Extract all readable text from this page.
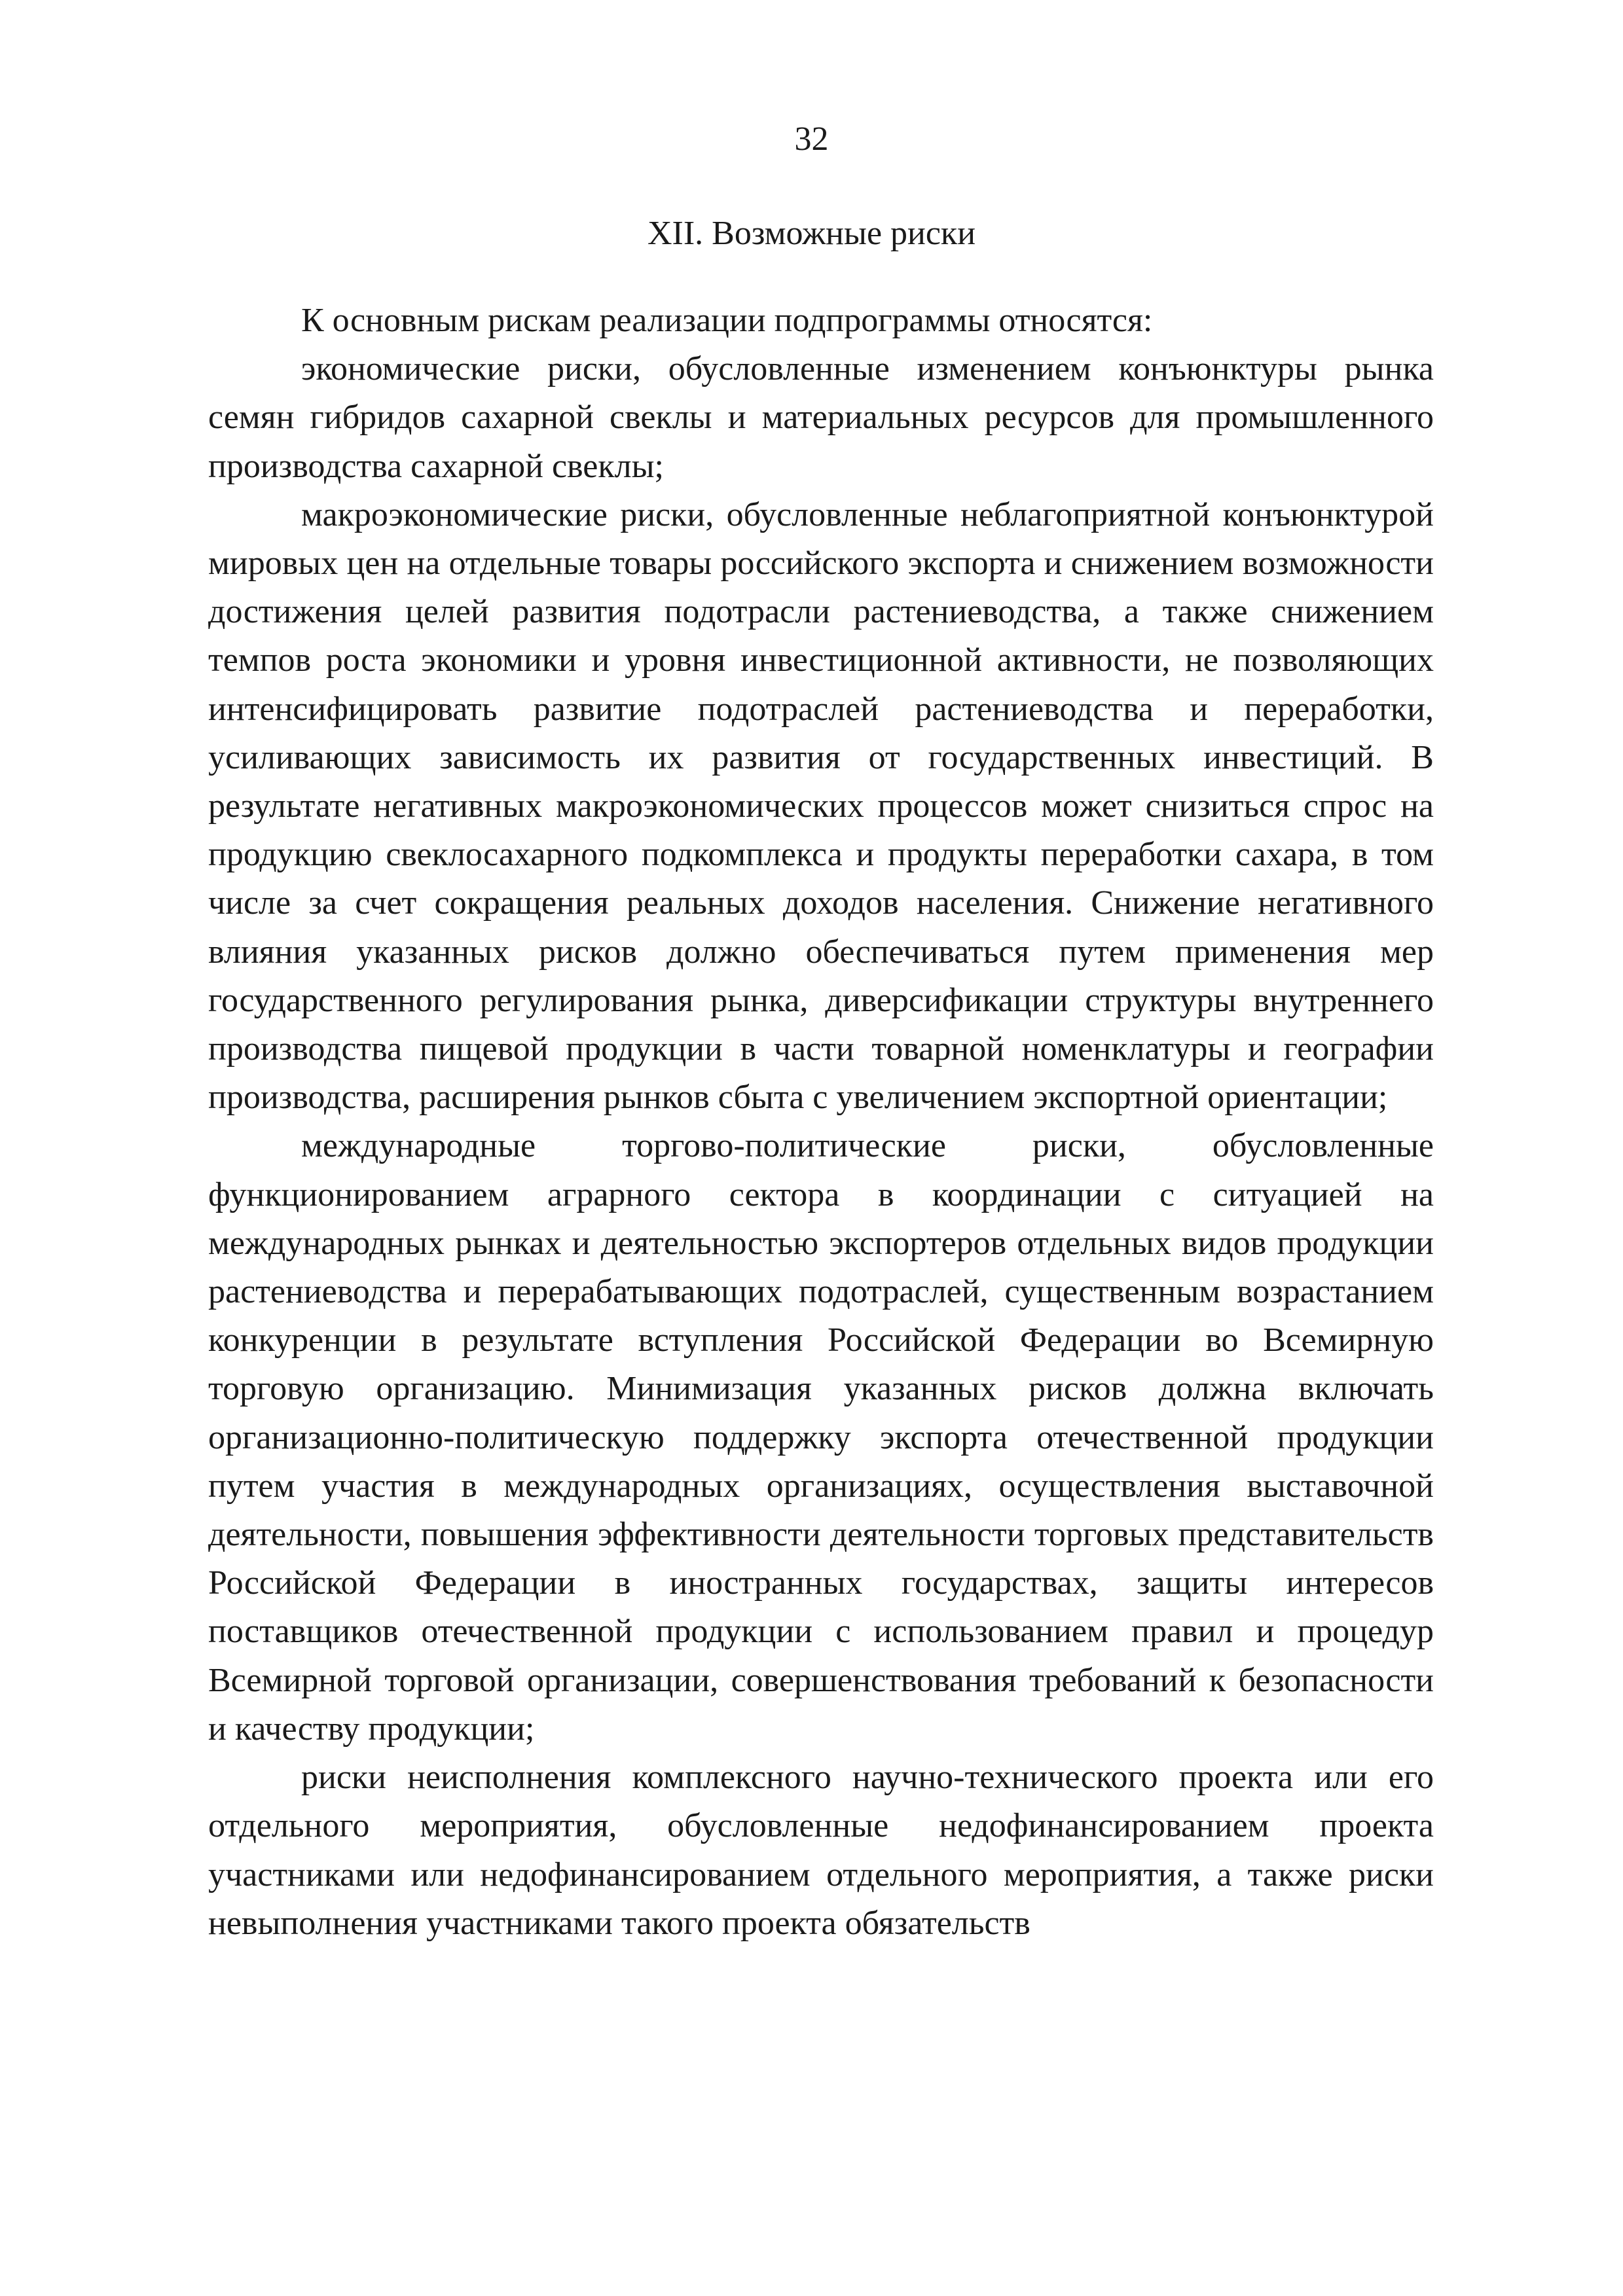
32
XII. Возможные риски

К основным рискам реализации подпрограммы относятся:

экономические риски, обусловленные изменением конъюнктуры рынка семян гибридов сахарной свеклы и материальных ресурсов для промышленного производства сахарной свеклы;

макроэкономические риски, обусловленные неблагоприятной конъюнктурой мировых цен на отдельные товары российского экспорта и снижением возможности достижения целей развития подотрасли растениеводства, а также снижением темпов роста экономики и уровня инвестиционной активности, не позволяющих интенсифицировать развитие подотраслей растениеводства и переработки, усиливающих зависимость их развития от государственных инвестиций. В результате негативных макроэкономических процессов может снизиться спрос на продукцию свеклосахарного подкомплекса и продукты переработки сахара, в том числе за счет сокращения реальных доходов населения. Снижение негативного влияния указанных рисков должно обеспечиваться путем применения мер государственного регулирования рынка, диверсификации структуры внутреннего производства пищевой продукции в части товарной номенклатуры и географии производства, расширения рынков сбыта с увеличением экспортной ориентации;

международные торгово-политические риски, обусловленные функционированием аграрного сектора в координации с ситуацией на международных рынках и деятельностью экспортеров отдельных видов продукции растениеводства и перерабатывающих подотраслей, существенным возрастанием конкуренции в результате вступления Российской Федерации во Всемирную торговую организацию. Минимизация указанных рисков должна включать организационно-политическую поддержку экспорта отечественной продукции путем участия в международных организациях, осуществления выставочной деятельности, повышения эффективности деятельности торговых представительств Российской Федерации в иностранных государствах, защиты интересов поставщиков отечественной продукции с использованием правил и процедур Всемирной торговой организации, совершенствования требований к безопасности и качеству продукции;

риски неисполнения комплексного научно-технического проекта или его отдельного мероприятия, обусловленные недофинансированием проекта участниками или недофинансированием отдельного мероприятия, а также риски невыполнения участниками такого проекта обязательств
